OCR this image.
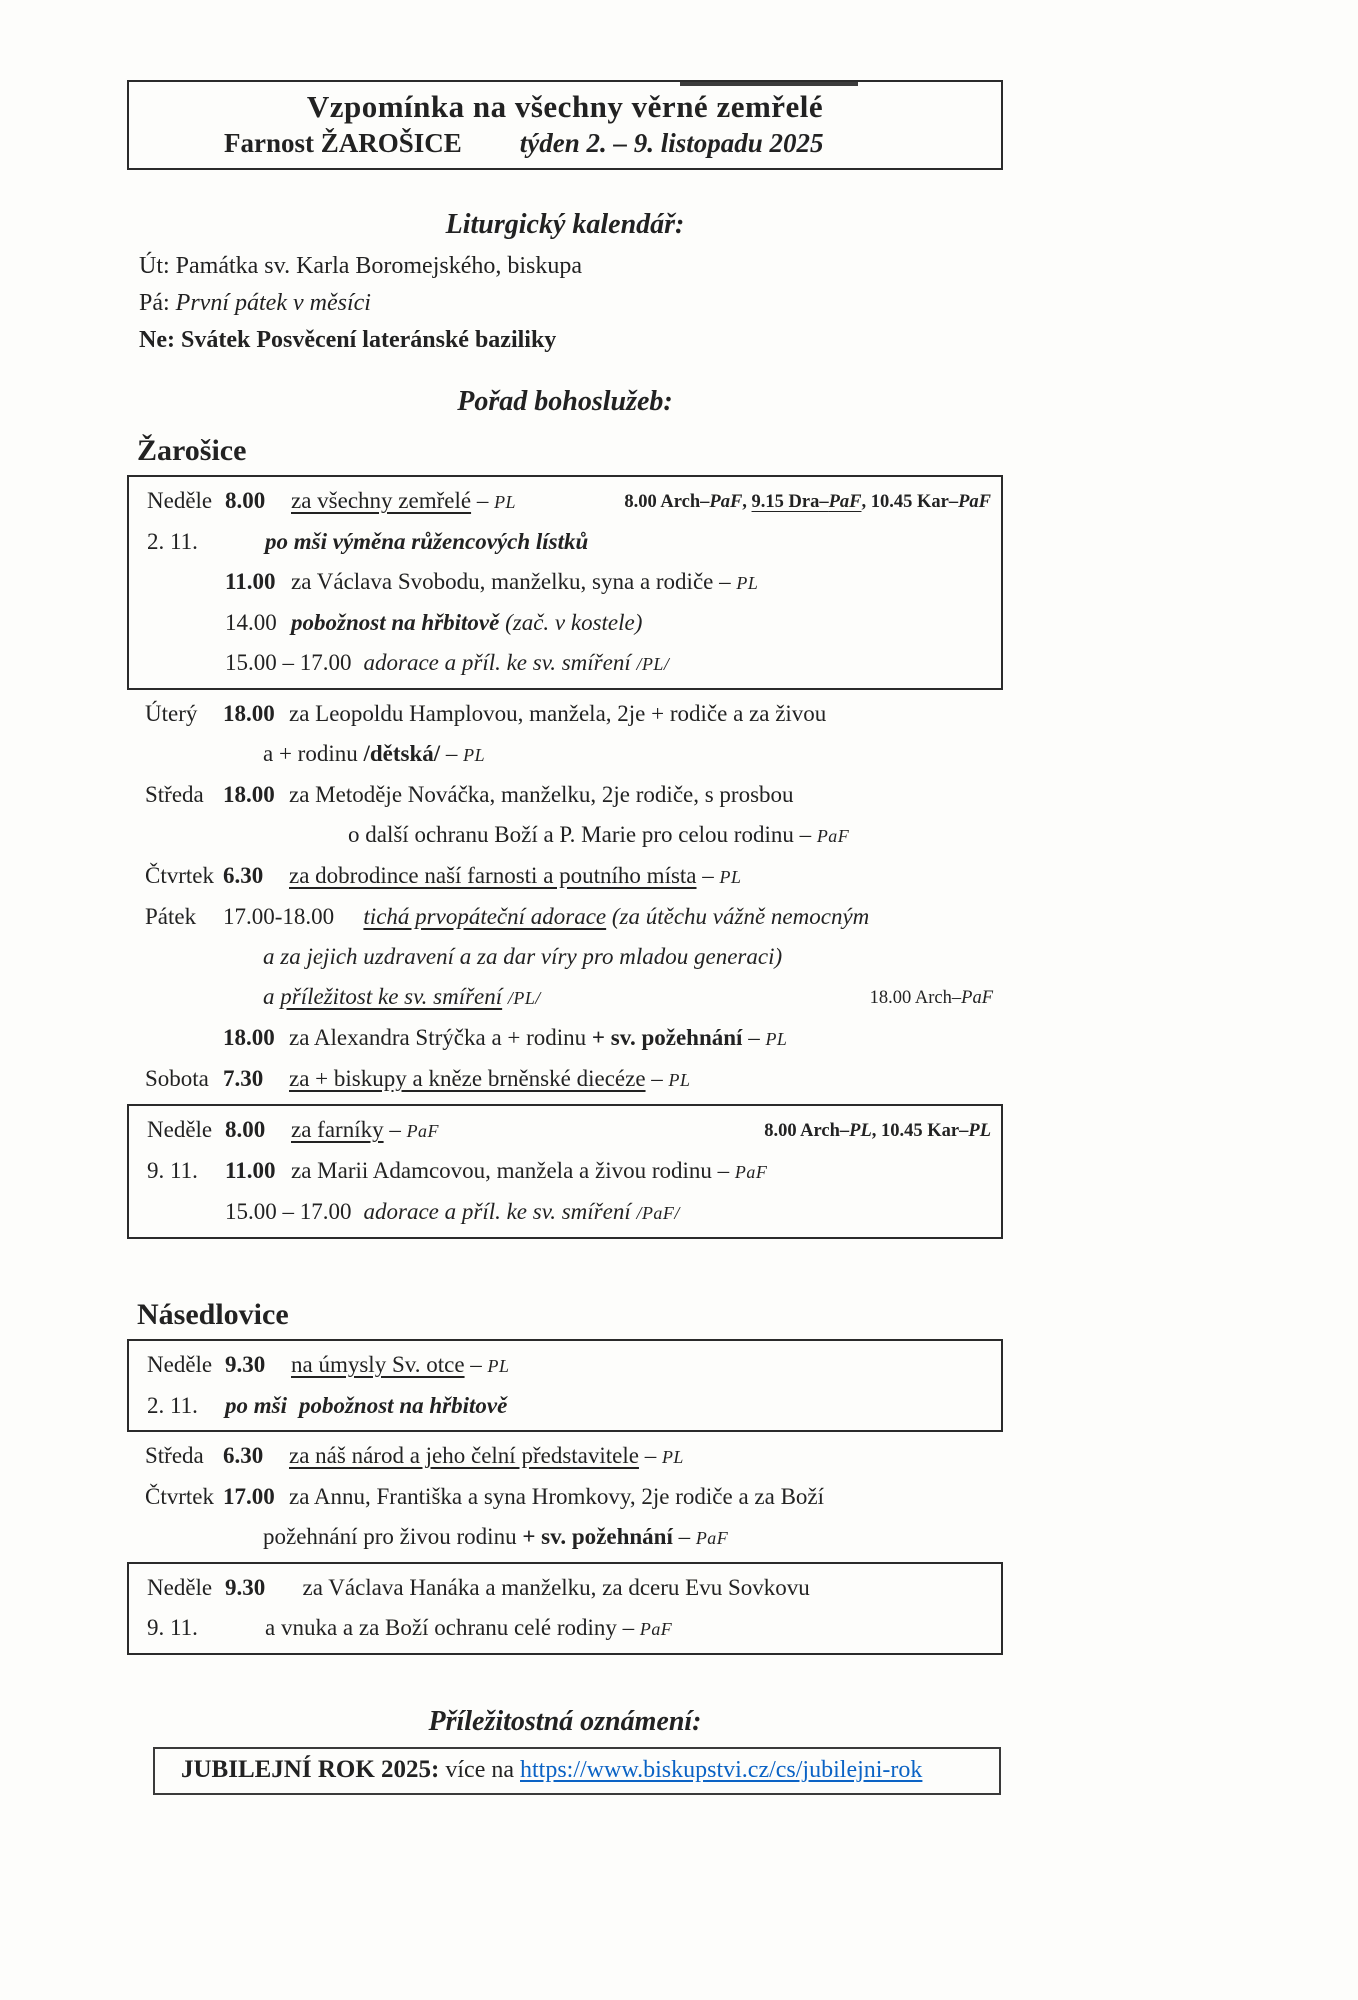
Vzpomínka na všechny věrné zemřelé
Farnost ŽAROŠICE týden 2. – 9. listopadu 2025
Liturgický kalendář:
Út: Památka sv. Karla Boromejského, biskupa
Pá: První pátek v měsíci
Ne: Svátek Posvěcení lateránské baziliky
Pořad bohoslužeb:
Žarošice
Neděle 8.00 za všechny zemřelé – PL	8.00 Arch–PaF, 9.15 Dra–PaF, 10.45 Kar–PaF
2. 11.	po mši výměna růžencových lístků
11.00 za Václava Svobodu, manželku, syna a rodiče – PL
14.00 pobožnost na hřbitově (zač. v kostele)
15.00 – 17.00 adorace a příl. ke sv. smíření /PL/
Úterý	18.00 za Leopoldu Hamplovou, manžela, 2je + rodiče a za živou
a + rodinu /dětská/ – PL
Středa 18.00 za Metoděje Nováčka, manželku, 2je rodiče, s prosbou
o další ochranu Boží a P. Marie pro celou rodinu – PaF
Čtvrtek 6.30 za dobrodince naší farnosti a poutního místa – PL
Pátek	17.00-18.00 tichá prvopáteční adorace (za útěchu vážně nemocným
a za jejich uzdravení a za dar víry pro mladou generaci)
a příležitost ke sv. smíření /PL/	18.00 Arch–PaF
18.00 za Alexandra Strýčka a + rodinu + sv. požehnání – PL
Sobota 7.30 za + biskupy a kněze brněnské diecéze – PL
Neděle 8.00 za farníky – PaF	8.00 Arch–PL, 10.45 Kar–PL
9. 11.	11.00 za Marii Adamcovou, manžela a živou rodinu – PaF
15.00 – 17.00 adorace a příl. ke sv. smíření /PaF/
Násedlovice
Neděle 9.30 na úmysly Sv. otce – PL
2. 11.	po mši pobožnost na hřbitově
Středa 6.30 za náš národ a jeho čelní představitele – PL
Čtvrtek 17.00 za Annu, Františka a syna Hromkovy, 2je rodiče a za Boží
požehnání pro živou rodinu + sv. požehnání – PaF
Neděle 9.30  za Václava Hanáka a manželku, za dceru Evu Sovkovu
9. 11.	a vnuka a za Boží ochranu celé rodiny – PaF
Příležitostná oznámení:
JUBILEJNÍ ROK 2025: více na https://www.biskupstvi.cz/cs/jubilejni-rok
